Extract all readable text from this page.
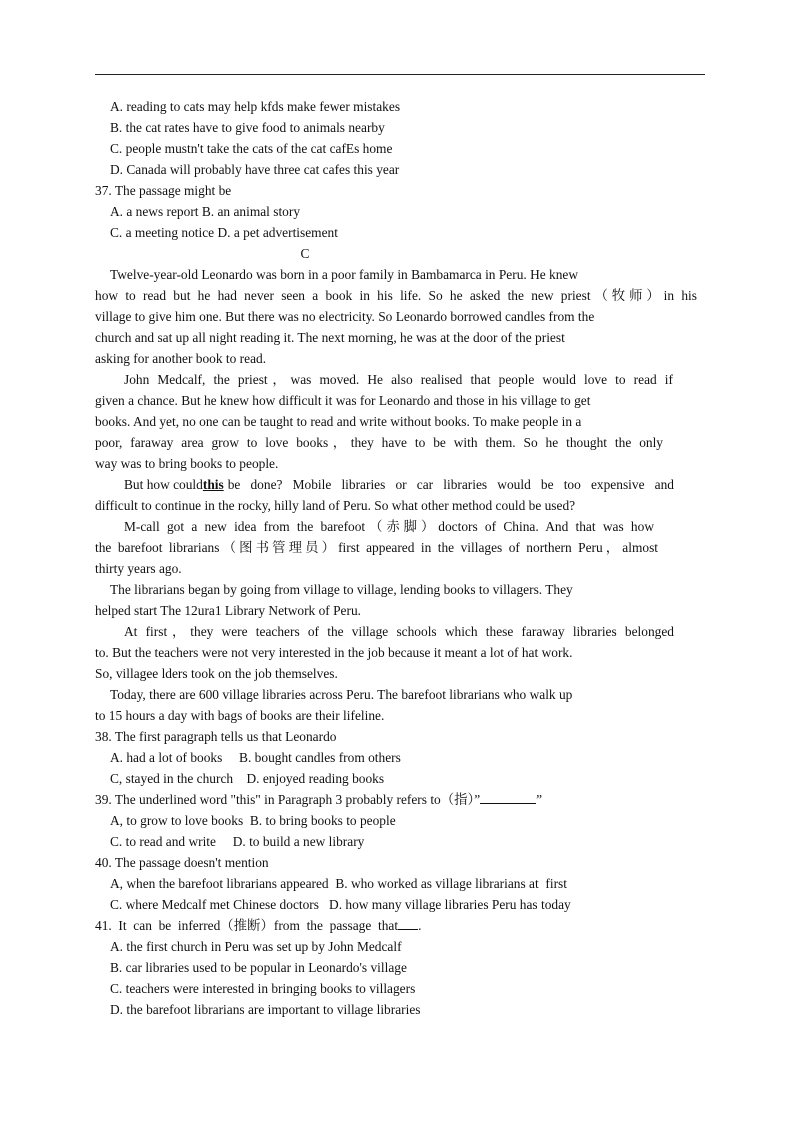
A. reading to cats may help kfds make fewer mistakes
B. the cat rates have to give food to animals nearby
C. people mustn't take the cats of the cat cafEs home
D. Canada will probably have three cat cafes this year
37. The passage might be
A. a news report B. an animal story
C. a meeting notice D. a pet advertisement
C
Twelve-year-old Leonardo was born in a poor family in Bambamarca in Peru. He knew
how to read but he had never seen a book in his life. So he asked the new priest（牧师）in his
village to give him one. But there was no electricity. So Leonardo borrowed candles from the
church and sat up all night reading it. The next morning, he was at the door of the priest
asking for another book to read.
John Medcalf, the priest，was moved. He also realised that people would love to read if
given a chance. But he knew how difficult it was for Leonardo and those in his village to get
books. And yet, no one can be taught to read and write without books. To make people in a
poor, faraway area grow to love books，they have to be with them. So he thought the only
way was to bring books to people.
But how could this be done? Mobile libraries or car libraries would be too expensive and
difficult to continue in the rocky, hilly land of Peru. So what other method could be used?
M-call got a new idea from the barefoot（赤脚）doctors of China. And that was how
the barefoot librarians（图书管理员）first appeared in the villages of northern Peru，almost
thirty years ago.
The librarians began by going from village to village, lending books to villagers. They
helped start The 12ura1 Library Network of Peru.
At first，they were teachers of the village schools which these faraway libraries belonged
to. But the teachers were not very interested in the job because it meant a lot of hat work.
So, villagee lders took on the job themselves.
Today, there are 600 village libraries across Peru. The barefoot librarians who walk up
to 15 hours a day with bags of books are their lifeline.
38. The first paragraph tells us that Leonardo
A. had a lot of books     B. bought candles from others
C, stayed in the church    D. enjoyed reading books
39. The underlined word "this" in Paragraph 3 probably refers to（指）”	”
A, to grow to love books  B. to bring books to people
C. to read and write     D. to build a new library
40. The passage doesn't mention
A, when the barefoot librarians appeared  B. who worked as village librarians at  first
C. where Medcalf met Chinese doctors   D. how many village libraries Peru has today
41.  It  can  be  inferred（推断）from  the  passage  that .
A. the first church in Peru was set up by John Medcalf
B. car libraries used to be popular in Leonardo's village
C. teachers were interested in bringing books to villagers
D. the barefoot librarians are important to village libraries
